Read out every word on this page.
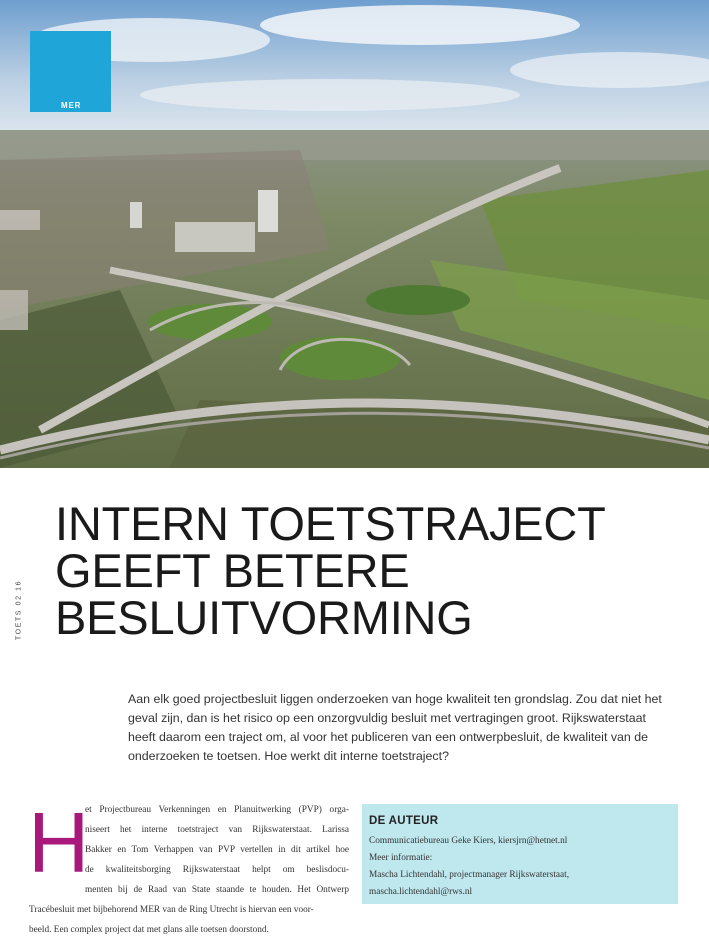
MER
TOETS 02 16
INTERN TOETSTRAJECT
GEEFT BETERE
BESLUITVORMING

Aan elk goed projectbesluit liggen onderzoeken van hoge kwaliteit ten grondslag. Zou dat niet het geval zijn, dan is het risico op een onzorgvuldig besluit met vertragingen groot. Rijkswaterstaat heeft daarom een traject om, al voor het publiceren van een ontwerpbesluit, de kwaliteit van de onderzoeken te toetsen. Hoe werkt dit interne toetstraject?

H
et Projectbureau Verkenningen en Planuitwerking (PVP) orga-
niseert het interne toetstraject van Rijkswaterstaat. Larissa
Bakker en Tom Verhappen van PVP vertellen in dit artikel hoe
de kwaliteitsborging Rijkswaterstaat helpt om beslisdocu-
menten bij de Raad van State staande te houden. Het Ontwerp
Tracébesluit met bijbehorend MER van de Ring Utrecht is hiervan een voor-
beeld. Een complex project dat met glans alle toetsen doorstond.
DE AUTEUR
Communicatiebureau Geke Kiers, kiersjrn@hetnet.nl
Meer informatie:
Mascha Lichtendahl, projectmanager Rijkswaterstaat,
mascha.lichtendahl@rws.nl
